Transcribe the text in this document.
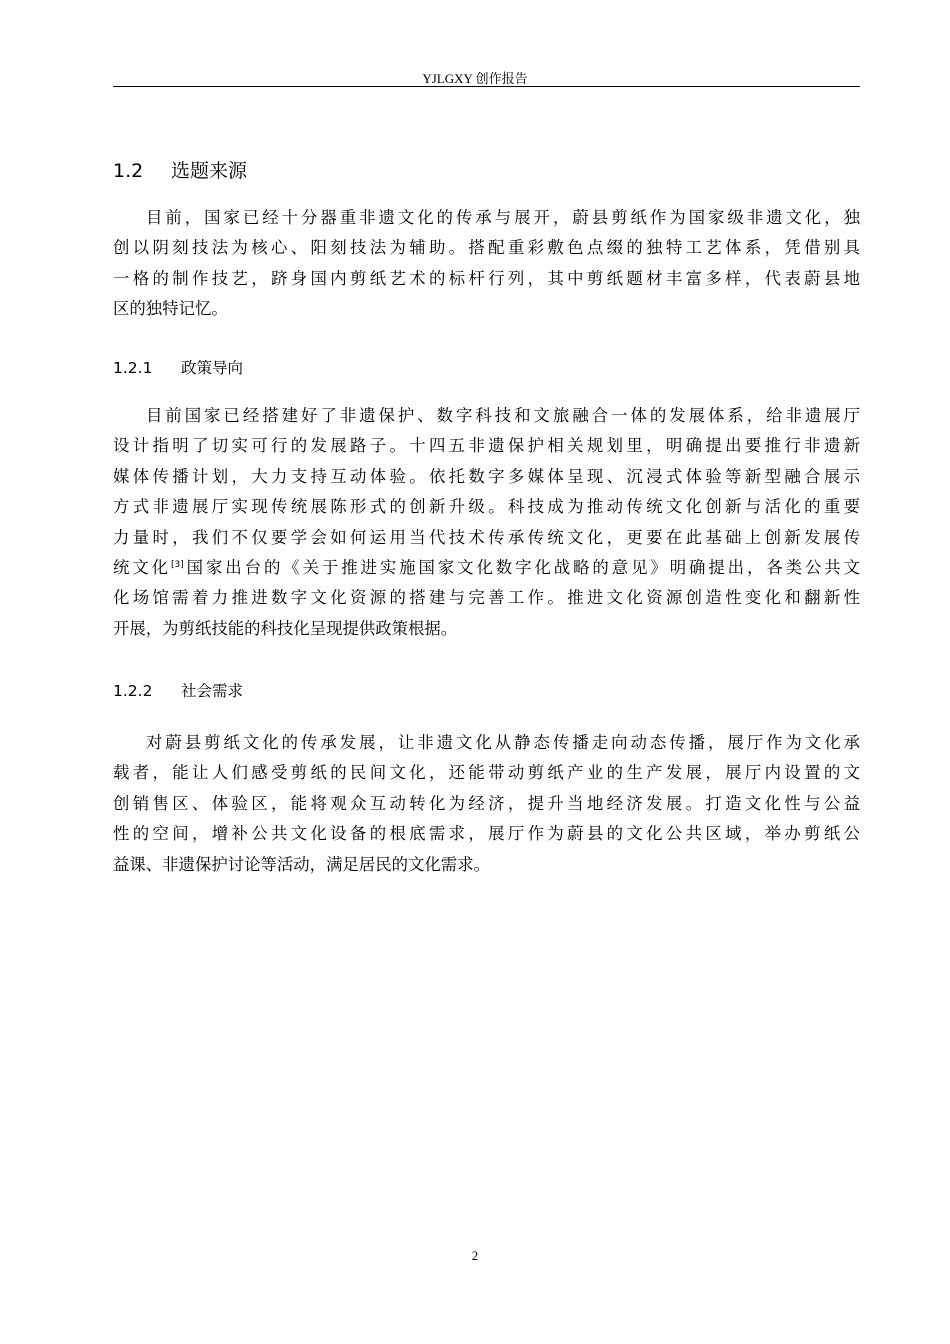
YJLGXY 创作报告
1.2 选题来源
目前，国家已经十分器重非遗文化的传承与展开，蔚县剪纸作为国家级非遗文化，独
创以阴刻技法为核心、阳刻技法为辅助。搭配重彩敷色点缀的独特工艺体系，凭借别具
一格的制作技艺，跻身国内剪纸艺术的标杆行列，其中剪纸题材丰富多样，代表蔚县地
区的独特记忆。
1.2.1 政策导向
目前国家已经搭建好了非遗保护、数字科技和文旅融合一体的发展体系，给非遗展厅
设计指明了切实可行的发展路子。十四五非遗保护相关规划里，明确提出要推行非遗新
媒体传播计划，大力支持互动体验。依托数字多媒体呈现、沉浸式体验等新型融合展示
方式非遗展厅实现传统展陈形式的创新升级。科技成为推动传统文化创新与活化的重要
力量时，我们不仅要学会如何运用当代技术传承传统文化，更要在此基础上创新发展传
统文化[3]国家出台的《关于推进实施国家文化数字化战略的意见》明确提出，各类公共文
化场馆需着力推进数字文化资源的搭建与完善工作。推进文化资源创造性变化和翻新性
开展，为剪纸技能的科技化呈现提供政策根据。
1.2.2 社会需求
对蔚县剪纸文化的传承发展，让非遗文化从静态传播走向动态传播，展厅作为文化承
载者，能让人们感受剪纸的民间文化，还能带动剪纸产业的生产发展，展厅内设置的文
创销售区、体验区，能将观众互动转化为经济，提升当地经济发展。打造文化性与公益
性的空间，增补公共文化设备的根底需求，展厅作为蔚县的文化公共区域，举办剪纸公
益课、非遗保护讨论等活动，满足居民的文化需求。
2
